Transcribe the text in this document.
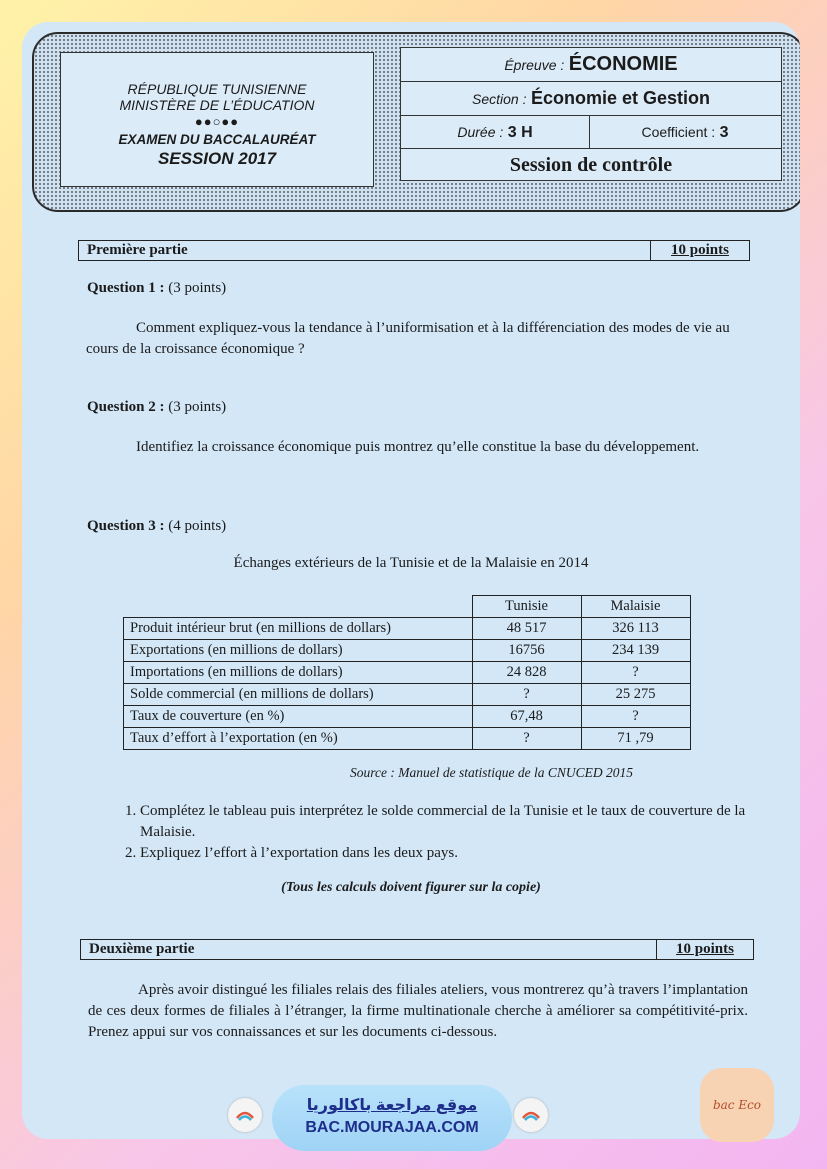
RÉPUBLIQUE TUNISIENNE
MINISTÈRE DE L’ÉDUCATION
●●○●●
EXAMEN DU BACCALAURÉAT
SESSION 2017
Épreuve : ÉCONOMIE
Section : Économie et Gestion
Durée : 3 H	Coefficient : 3
Session de contrôle
Première partie	10 points
Question 1 : (3 points)
Comment expliquez-vous la tendance à l’uniformisation et à la différenciation des modes de vie au cours de la croissance économique ?
Question 2 : (3 points)
Identifiez la croissance économique puis montrez qu’elle constitue la base du développement.
Question 3 : (4 points)
Échanges extérieurs de la Tunisie et de la Malaisie en 2014
	Tunisie	Malaisie
Produit intérieur brut (en millions de dollars)	48 517	326 113
Exportations (en millions de dollars)	16756	234 139
Importations (en millions de dollars)	24 828	?
Solde commercial (en millions de dollars)	?	25 275
Taux de couverture (en %)	67,48	?
Taux d’effort à l’exportation (en %)	?	71 ,79
Source : Manuel de statistique de la CNUCED 2015
1. Complétez le tableau puis interprétez le solde commercial de la Tunisie et le taux de couverture de la Malaisie.
2. Expliquez l’effort à l’exportation dans les deux pays.
(Tous les calculs doivent figurer sur la copie)
Deuxième partie	10 points
Après avoir distingué les filiales relais des filiales ateliers, vous montrerez qu’à travers l’implantation de ces deux formes de filiales à l’étranger, la firme multinationale cherche à améliorer sa compétitivité-prix. Prenez appui sur vos connaissances et sur les documents ci-dessous.
موقع مراجعة باكالوريا
BAC.MOURAJAA.COM
bac Eco
